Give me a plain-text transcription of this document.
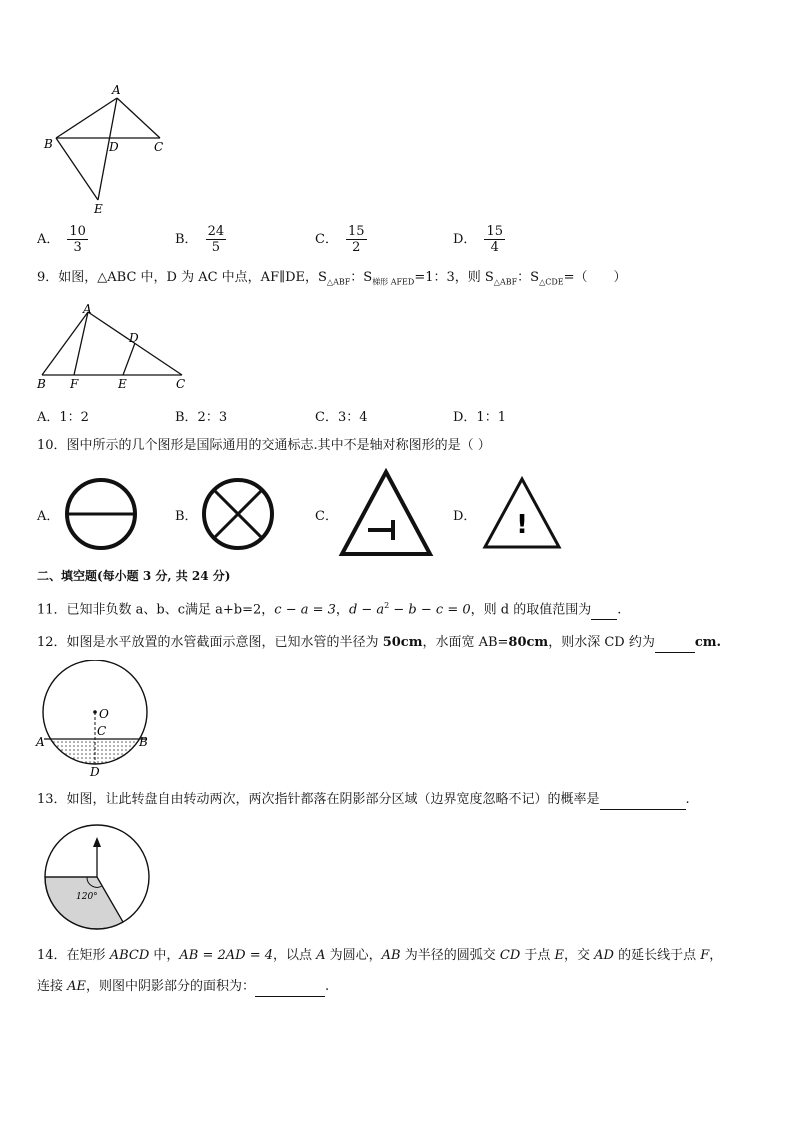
A
B	D	C
E
A． $\frac{10}{3}$	B． $\frac{24}{5}$	C． $\frac{15}{2}$	D． $\frac{15}{4}$
9．如图，△ABC 中，D 为 AC 中点，AF∥DE，$S_{\triangle ABF}$：$S_{梯形 AFED}=1$：3，则 $S_{\triangle ABF}$：$S_{\triangle CDE}=$（　　）
A
D
B F	E	C
A．1：2	B．2：3	C．3：4	D．1：1
10．图中所示的几个图形是国际通用的交通标志.其中不是轴对称图形的是（ ）
A．	B．	C．	D． !
二、填空题(每小题 3 分, 共 24 分)
11．已知非负数 a、b、c满足 a+b=2，c − a = 3，$d - a^2 - b - c = 0$，则 d 的取值范围为 .
12．如图是水平放置的水管截面示意图，已知水管的半径为 50cm，水面宽 AB=80cm，则水深 CD 约为	cm.
O
C
A	B
D
13．如图，让此转盘自由转动两次，两次指针都落在阴影部分区域（边界宽度忽略不记）的概率是	.
120°
14．在矩形 ABCD 中，AB = 2AD = 4，以点 A 为圆心，AB 为半径的圆弧交 CD 于点 E，交 AD 的延长线于点 F，
连接 AE，则图中阴影部分的面积为：	.
